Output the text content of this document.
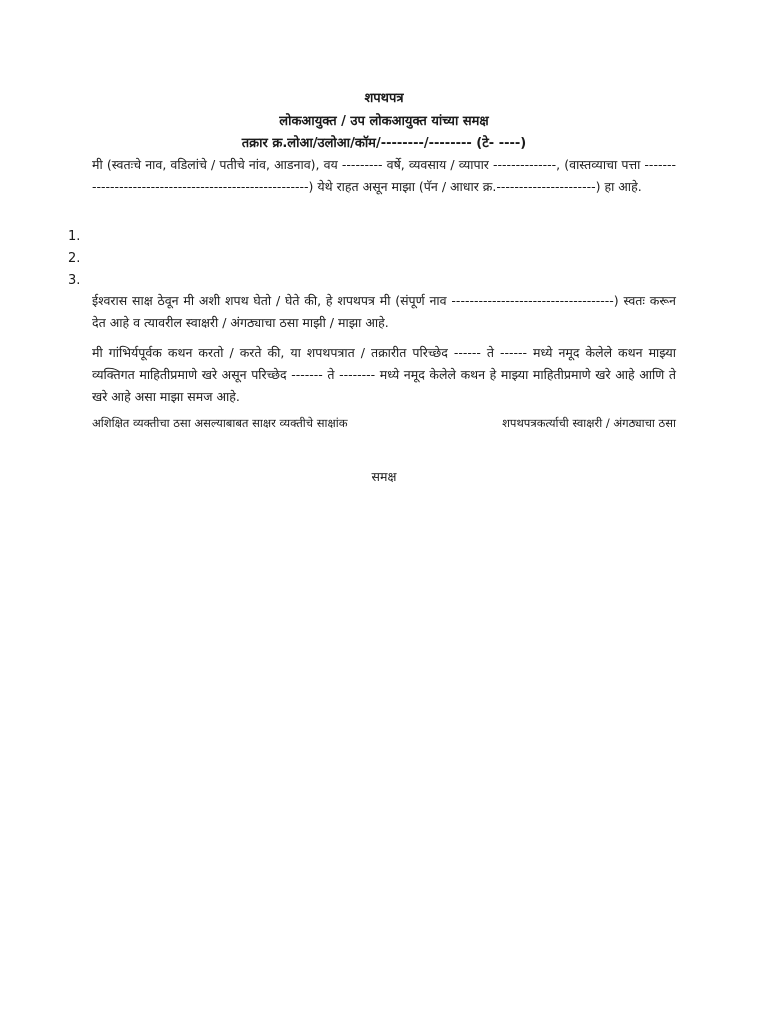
शपथपत्र
लोकआयुक्त / उप लोकआयुक्त यांच्या समक्ष
तक्रार क्र.लोआ/उलोआ/कॉम/--------/-------- (टे- ----)
मी (स्वतःचे नाव, वडिलांचे / पतीचे नांव, आडनाव), वय --------- वर्षे, व्यवसाय / व्यापार --------------, (वास्तव्याचा पत्ता -------------------------------------------------------) येथे राहत असून माझा (पॅन / आधार क्र.----------------------) हा आहे.
1.
2.
3.
ईश्वरास साक्ष ठेवून मी अशी शपथ घेतो / घेते की, हे शपथपत्र मी (संपूर्ण नाव ------------------------------------) स्वतः करून देत आहे व त्यावरील स्वाक्षरी / अंगठ्याचा ठसा माझी / माझा आहे.
मी गांभिर्यपूर्वक कथन करतो / करते की, या शपथपत्रात / तक्रारीत परिच्छेद ------ ते ------ मध्ये नमूद केलेले कथन माझ्या व्यक्तिगत माहितीप्रमाणे खरे असून परिच्छेद ------- ते -------- मध्ये नमूद केलेले कथन हे माझ्या माहितीप्रमाणे खरे आहे आणि ते खरे आहे असा माझा समज आहे.
अशिक्षित व्यक्तीचा ठसा असल्याबाबत साक्षर व्यक्तीचे साक्षांक	शपथपत्रकर्त्याची स्वाक्षरी / अंगठ्याचा ठसा
समक्ष
